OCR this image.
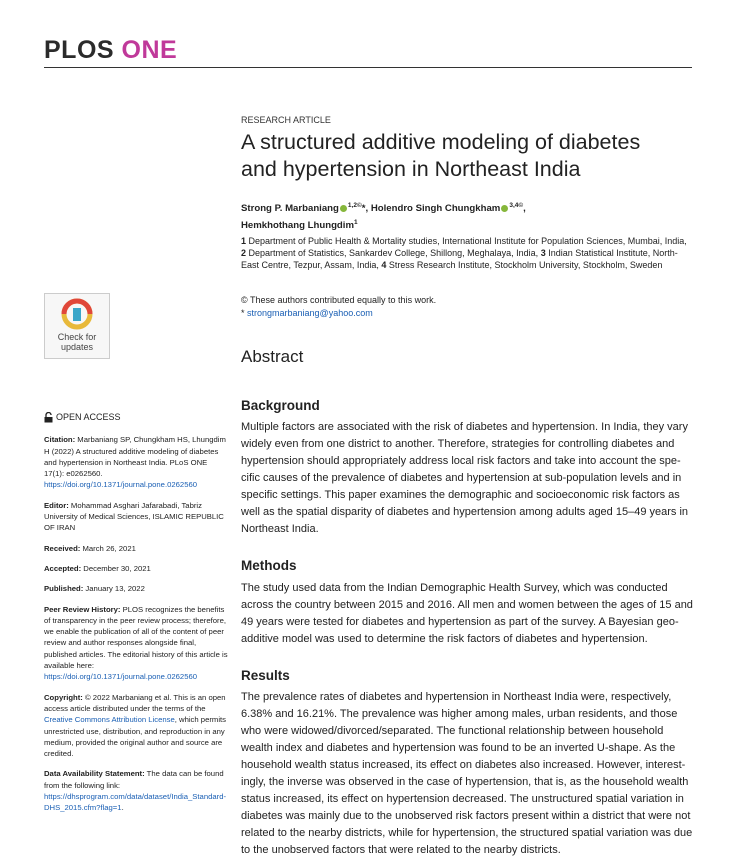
PLOS ONE
RESEARCH ARTICLE
A structured additive modeling of diabetes and hypertension in Northeast India
Strong P. Marbaniang $^{1,2©}$*, Holendro Singh Chungkham $^{3,4©}$,
Hemkhothang Lhungdim$^1$
1 Department of Public Health & Mortality studies, International Institute for Population Sciences, Mumbai, India, 2 Department of Statistics, Sankardev College, Shillong, Meghalaya, India, 3 Indian Statistical Institute, North-East Centre, Tezpur, Assam, India, 4 Stress Research Institute, Stockholm University, Stockholm, Sweden
© These authors contributed equally to this work.
* strongmarbaniang@yahoo.com
Check for
updates

OPEN ACCESS

Citation: Marbaniang SP, Chungkham HS, Lhungdim H (2022) A structured additive modeling of diabetes and hypertension in Northeast India. PLoS ONE 17(1): e0262560. https://doi.org/10.1371/journal.pone.0262560

Editor: Mohammad Asghari Jafarabadi, Tabriz University of Medical Sciences, ISLAMIC REPUBLIC OF IRAN

Received: March 26, 2021

Accepted: December 30, 2021

Published: January 13, 2022

Peer Review History: PLOS recognizes the benefits of transparency in the peer review process; therefore, we enable the publication of all of the content of peer review and author responses alongside final, published articles. The editorial history of this article is available here: https://doi.org/10.1371/journal.pone.0262560

Copyright: © 2022 Marbaniang et al. This is an open access article distributed under the terms of the Creative Commons Attribution License, which permits unrestricted use, distribution, and reproduction in any medium, provided the original author and source are credited.

Data Availability Statement: The data can be found from the following link: https://dhsprogram.com/data/dataset/India_Standard-DHS_2015.cfm?flag=1.

Abstract
Background

Multiple factors are associated with the risk of diabetes and hypertension. In India, they vary widely even from one district to another. Therefore, strategies for controlling diabetes and hypertension should appropriately address local risk factors and take into account the spe-cific causes of the prevalence of diabetes and hypertension at sub-population levels and in specific settings. This paper examines the demographic and socioeconomic risk factors as well as the spatial disparity of diabetes and hypertension among adults aged 15–49 years in Northeast India.

Methods

The study used data from the Indian Demographic Health Survey, which was conducted across the country between 2015 and 2016. All men and women between the ages of 15 and 49 years were tested for diabetes and hypertension as part of the survey. A Bayesian geo-additive model was used to determine the risk factors of diabetes and hypertension.

Results

The prevalence rates of diabetes and hypertension in Northeast India were, respectively, 6.38% and 16.21%. The prevalence was higher among males, urban residents, and those who were widowed/divorced/separated. The functional relationship between household wealth index and diabetes and hypertension was found to be an inverted U-shape. As the household wealth status increased, its effect on diabetes also increased. However, interest-ingly, the inverse was observed in the case of hypertension, that is, as the household wealth status increased, its effect on hypertension decreased. The unstructured spatial variation in diabetes was mainly due to the unobserved risk factors present within a district that were not related to the nearby districts, while for hypertension, the structured spatial variation was due to the unobserved factors that were related to the nearby districts.
